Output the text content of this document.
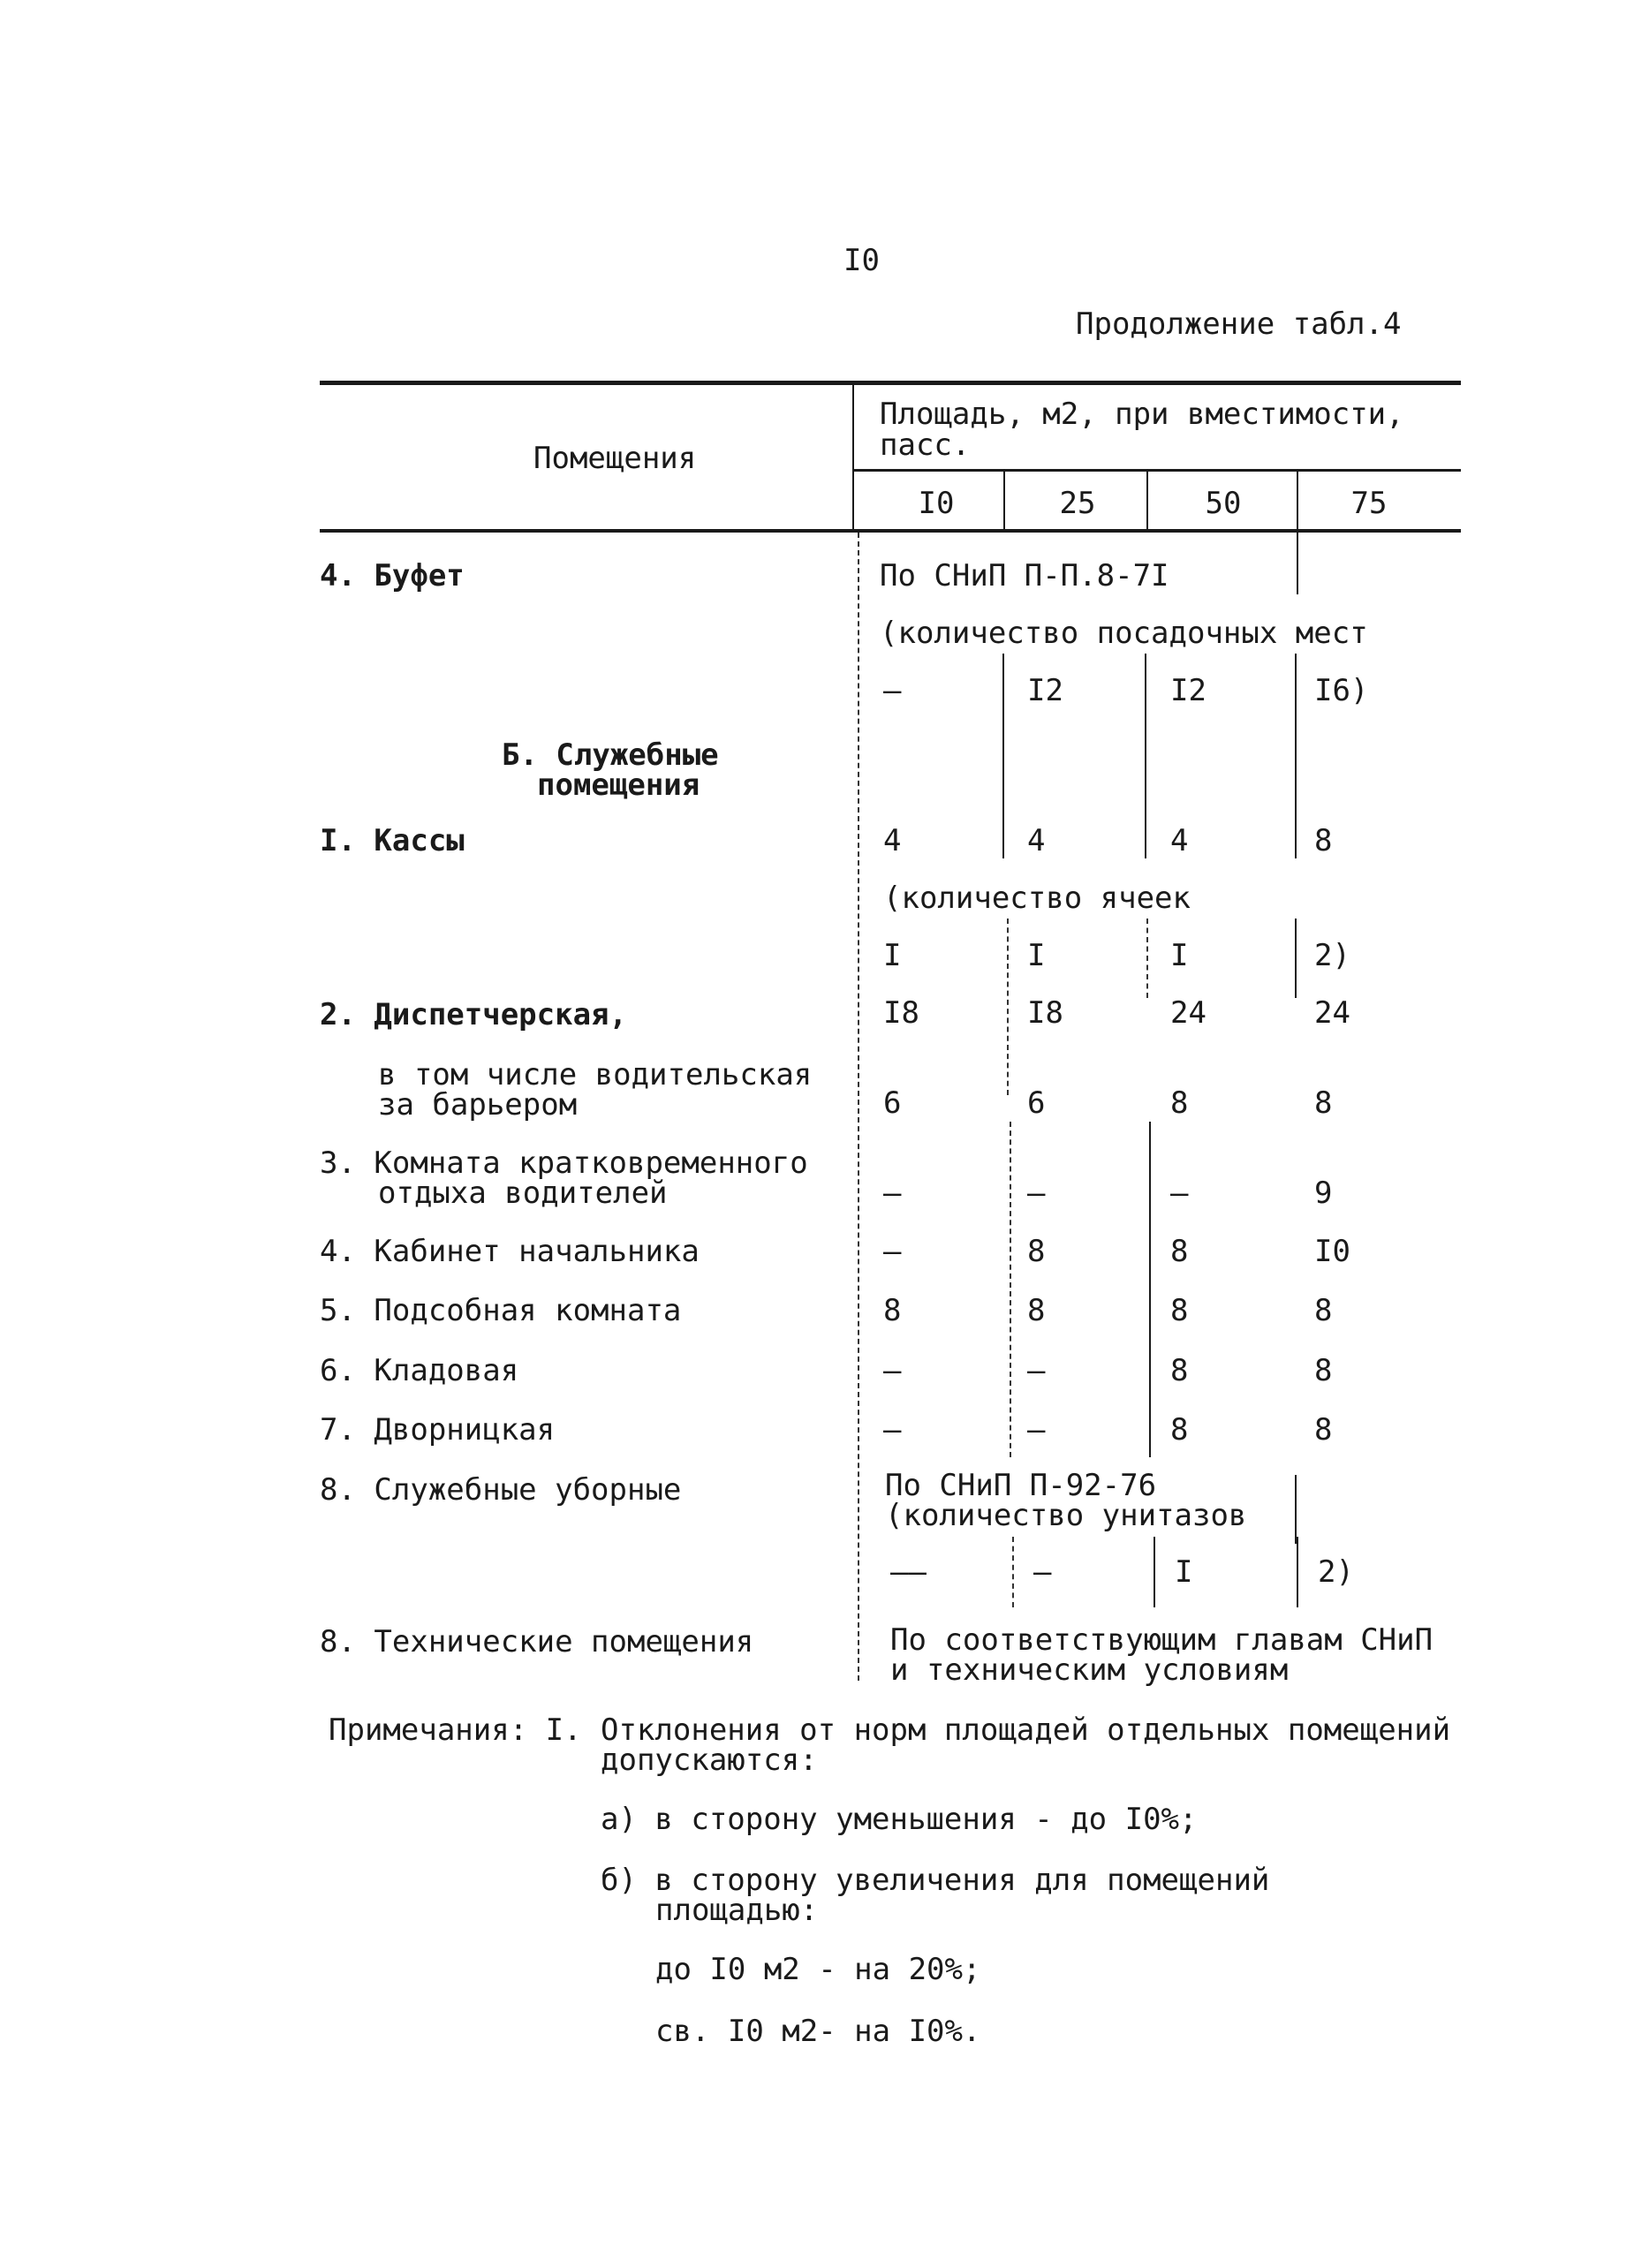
I0
Продолжение табл.4
Помещения
Площадь, м2, при вместимости,
пасс.
I0	25	50	75
4. Буфет	По СНиП П-П.8-7I
(количество посадочных мест
–	I2	I2	I6)
Б. Служебные
помещения
I. Кассы	4	4	4	8
(количество ячеек
I	I	I	2)
2. Диспетчерская,	I8	I8	24	24
в том числе водительская
за барьером	6	6	8	8
3. Комната кратковременного
отдыха водителей	–	–	–	9
4. Кабинет начальника	–	8	8	I0
5. Подсобная комната	8	8	8	8
6. Кладовая	–	–	8	8
7. Дворницкая	–	–	8	8
8. Служебные уборные	По СНиП П-92-76
(количество унитазов
––	–	I	2)
8. Технические помещения	По соответствующим главам СНиП
и техническим условиям
Примечания: I. Отклонения от норм площадей отдельных помещений
допускаются:
а) в сторону уменьшения - до I0%;
б) в сторону увеличения для помещений
площадью:
до I0 м2 - на 20%;
св. I0 м2- на I0%.
